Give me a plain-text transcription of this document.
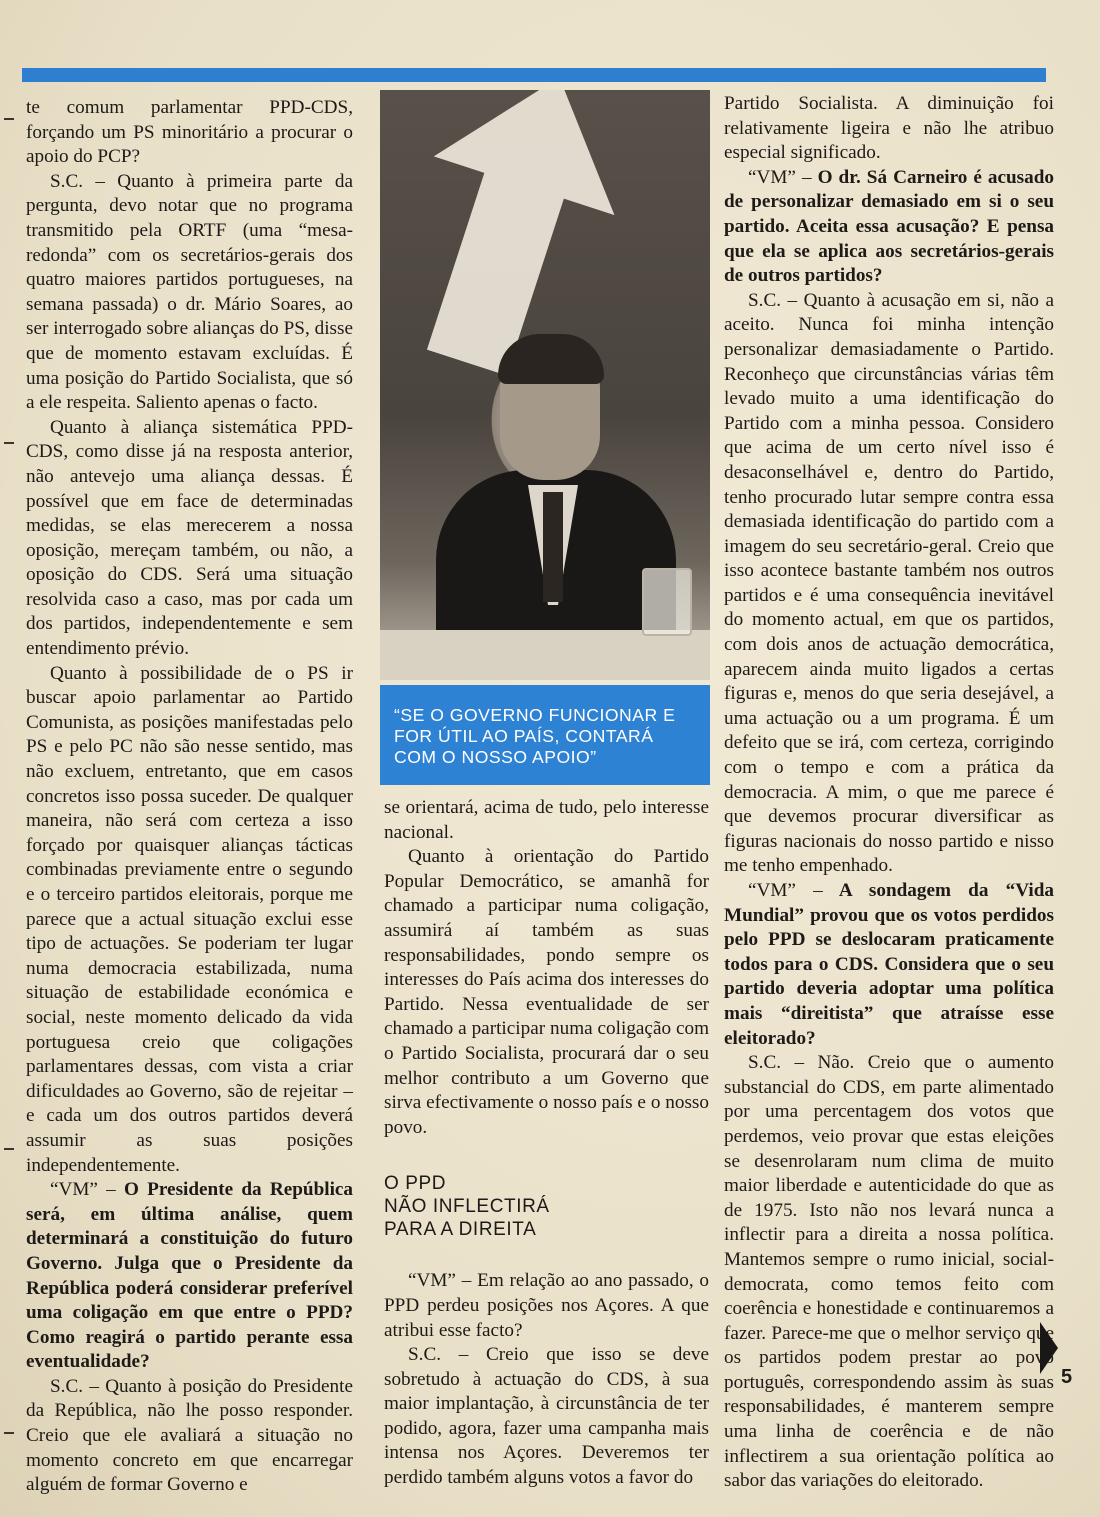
te comum parlamentar PPD-CDS, forçando um PS minoritário a procurar o apoio do PCP?

S.C. – Quanto à primeira parte da pergunta, devo notar que no programa transmitido pela ORTF (uma “mesa-redonda” com os secretários-gerais dos quatro maiores partidos portugueses, na semana passada) o dr. Mário Soares, ao ser interrogado sobre alianças do PS, disse que de momento estavam excluídas. É uma posição do Partido Socialista, que só a ele respeita. Saliento apenas o facto.

Quanto à aliança sistemática PPD-CDS, como disse já na resposta anterior, não antevejo uma aliança dessas. É possível que em face de determinadas medidas, se elas merecerem a nossa oposição, mereçam também, ou não, a oposição do CDS. Será uma situação resolvida caso a caso, mas por cada um dos partidos, independentemente e sem entendimento prévio.

Quanto à possibilidade de o PS ir buscar apoio parlamentar ao Partido Comunista, as posições manifestadas pelo PS e pelo PC não são nesse sentido, mas não excluem, entretanto, que em casos concretos isso possa suceder. De qualquer maneira, não será com certeza a isso forçado por quaisquer alianças tácticas combinadas previamente entre o segundo e o terceiro partidos eleitorais, porque me parece que a actual situação exclui esse tipo de actuações. Se poderiam ter lugar numa democracia estabilizada, numa situação de estabilidade económica e social, neste momento delicado da vida portuguesa creio que coligações parlamentares dessas, com vista a criar dificuldades ao Governo, são de rejeitar – e cada um dos outros partidos deverá assumir as suas posições independentemente.

“VM” – O Presidente da República será, em última análise, quem determinará a constituição do futuro Governo. Julga que o Presidente da República poderá considerar preferível uma coligação em que entre o PPD? Como reagirá o partido perante essa eventualidade?

S.C. – Quanto à posição do Presidente da República, não lhe posso responder. Creio que ele avaliará a situação no momento concreto em que encarregar alguém de formar Governo e

“SE O GOVERNO FUNCIONAR E
FOR ÚTIL AO PAÍS, CONTARÁ
COM O NOSSO APOIO”

se orientará, acima de tudo, pelo interesse nacional.

Quanto à orientação do Partido Popular Democrático, se amanhã for chamado a participar numa coligação, assumirá aí também as suas responsabilidades, pondo sempre os interesses do País acima dos interesses do Partido. Nessa eventualidade de ser chamado a participar numa coligação com o Partido Socialista, procurará dar o seu melhor contributo a um Governo que sirva efectivamente o nosso país e o nosso povo.

O PPD
NÃO INFLECTIRÁ
PARA A DIREITA

“VM” – Em relação ao ano passado, o PPD perdeu posições nos Açores. A que atribui esse facto?

S.C. – Creio que isso se deve sobretudo à actuação do CDS, à sua maior implantação, à circunstância de ter podido, agora, fazer uma campanha mais intensa nos Açores. Deveremos ter perdido também alguns votos a favor do

Partido Socialista. A diminuição foi relativamente ligeira e não lhe atribuo especial significado.

“VM” – O dr. Sá Carneiro é acusado de personalizar demasiado em si o seu partido. Aceita essa acusação? E pensa que ela se aplica aos secretários-gerais de outros partidos?

S.C. – Quanto à acusação em si, não a aceito. Nunca foi minha intenção personalizar demasiadamente o Partido. Reconheço que circunstâncias várias têm levado muito a uma identificação do Partido com a minha pessoa. Considero que acima de um certo nível isso é desaconselhável e, dentro do Partido, tenho procurado lutar sempre contra essa demasiada identificação do partido com a imagem do seu secretário-geral. Creio que isso acontece bastante também nos outros partidos e é uma consequência inevitável do momento actual, em que os partidos, com dois anos de actuação democrática, aparecem ainda muito ligados a certas figuras e, menos do que seria desejável, a uma actuação ou a um programa. É um defeito que se irá, com certeza, corrigindo com o tempo e com a prática da democracia. A mim, o que me parece é que devemos procurar diversificar as figuras nacionais do nosso partido e nisso me tenho empenhado.

“VM” – A sondagem da “Vida Mundial” provou que os votos perdidos pelo PPD se deslocaram praticamente todos para o CDS. Considera que o seu partido deveria adoptar uma política mais “direitista” que atraísse esse eleitorado?

S.C. – Não. Creio que o aumento substancial do CDS, em parte alimentado por uma percentagem dos votos que perdemos, veio provar que estas eleições se desenrolaram num clima de muito maior liberdade e autenticidade do que as de 1975. Isto não nos levará nunca a inflectir para a direita a nossa política. Mantemos sempre o rumo inicial, social-democrata, como temos feito com coerência e honestidade e continuaremos a fazer. Parece-me que o melhor serviço que os partidos podem prestar ao povo português, correspondendo assim às suas responsabilidades, é manterem sempre uma linha de coerência e de não inflectirem a sua orientação política ao sabor das variações do eleitorado.

5
